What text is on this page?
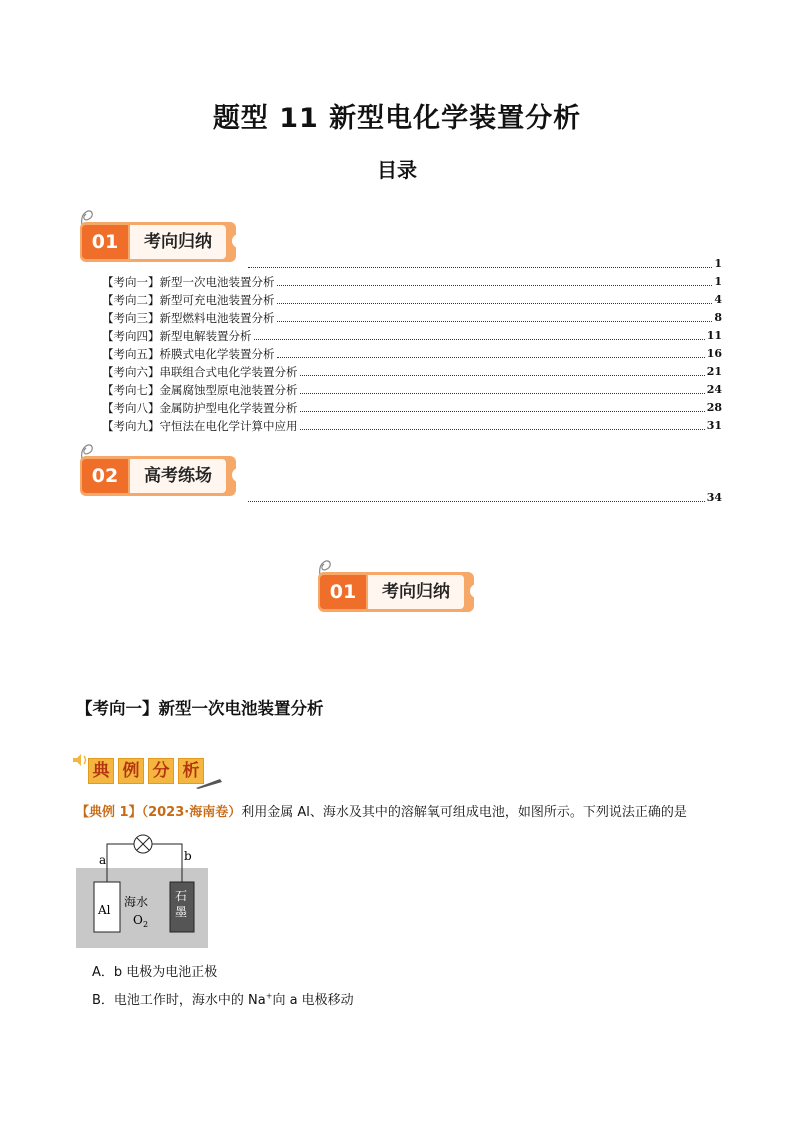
题型 11 新型电化学装置分析
目录
01	考向归纳
1
【考向一】新型一次电池装置分析	1
【考向二】新型可充电池装置分析	4
【考向三】新型燃料电池装置分析	8
【考向四】新型电解装置分析	11
【考向五】桥膜式电化学装置分析	16
【考向六】串联组合式电化学装置分析	21
【考向七】金属腐蚀型原电池装置分析	24
【考向八】金属防护型电化学装置分析	28
【考向九】守恒法在电化学计算中应用	31
02	高考练场
34
01	考向归纳
【考向一】新型一次电池装置分析
典 例 分 析
【典例 1】（2023·海南卷）利用金属 Al、海水及其中的溶解氧可组成电池，如图所示。下列说法正确的是
a	b
Al
海水
O 2
石
墨
A．b 电极为电池正极
B．电池工作时，海水中的 Na+向 a 电极移动
